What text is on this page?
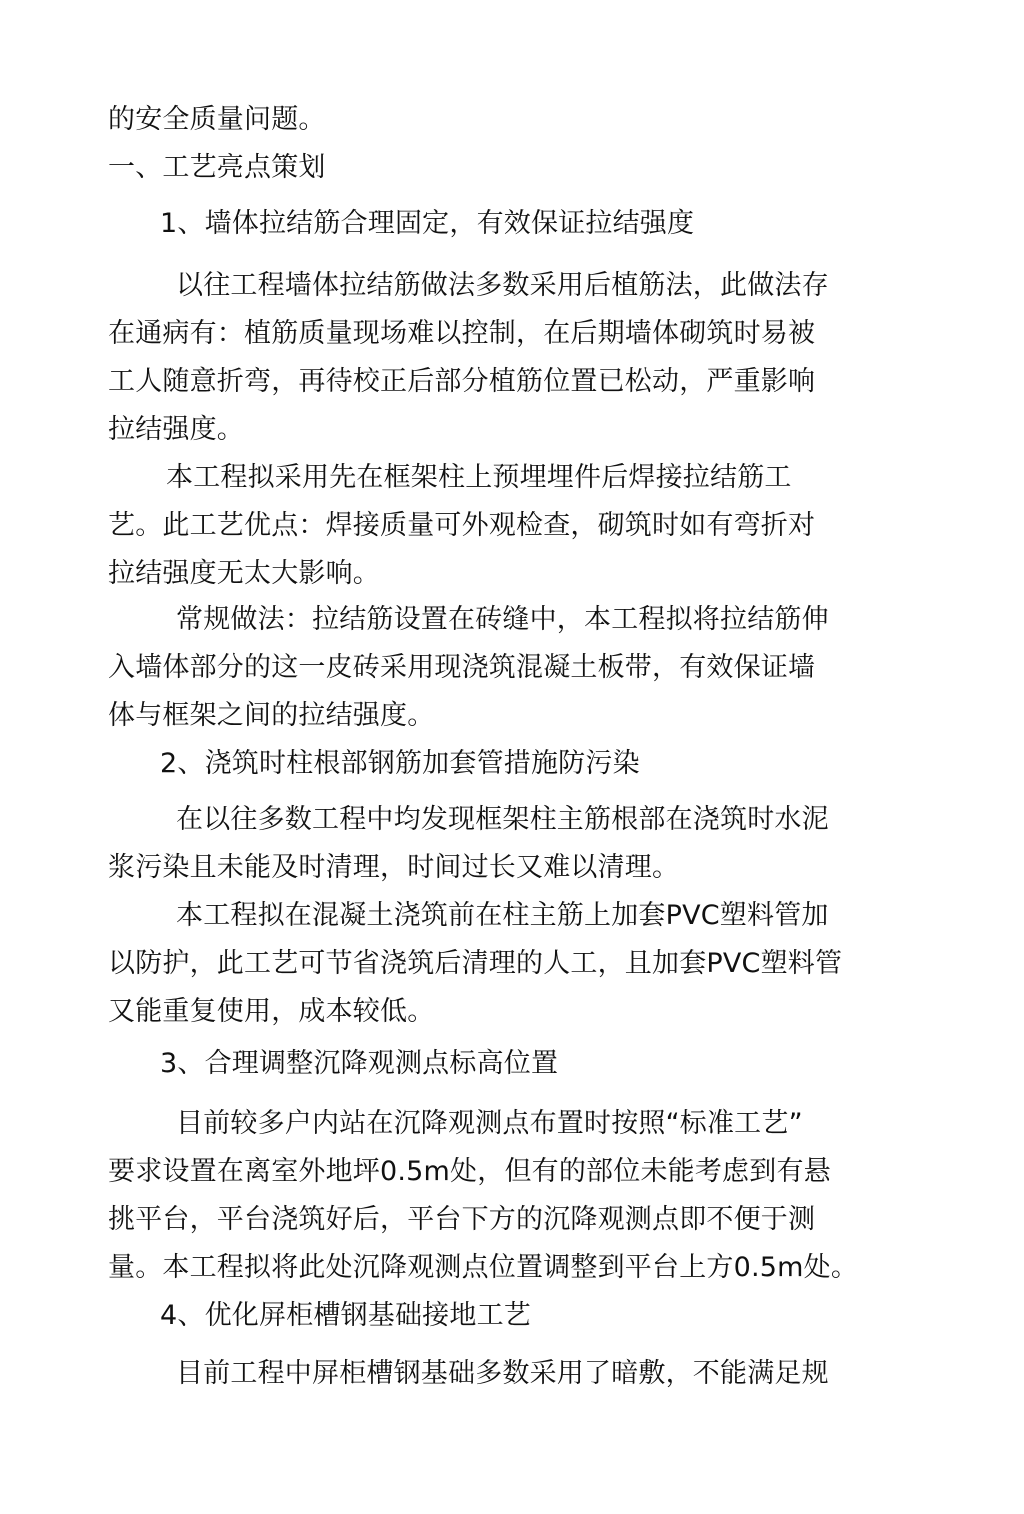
的安全质量问题。
一、工艺亮点策划
1、墙体拉结筋合理固定，有效保证拉结强度
以往工程墙体拉结筋做法多数采用后植筋法，此做法存
在通病有：植筋质量现场难以控制，在后期墙体砌筑时易被
工人随意折弯，再待校正后部分植筋位置已松动，严重影响
拉结强度。
本工程拟采用先在框架柱上预埋埋件后焊接拉结筋工
艺。此工艺优点：焊接质量可外观检查，砌筑时如有弯折对
拉结强度无太大影响。
常规做法：拉结筋设置在砖缝中，本工程拟将拉结筋伸
入墙体部分的这一皮砖采用现浇筑混凝土板带，有效保证墙
体与框架之间的拉结强度。
2、浇筑时柱根部钢筋加套管措施防污染
在以往多数工程中均发现框架柱主筋根部在浇筑时水泥
浆污染且未能及时清理，时间过长又难以清理。
本工程拟在混凝土浇筑前在柱主筋上加套PVC塑料管加
以防护，此工艺可节省浇筑后清理的人工，且加套PVC塑料管
又能重复使用，成本较低。
3、合理调整沉降观测点标高位置
目前较多户内站在沉降观测点布置时按照“标准工艺”
要求设置在离室外地坪0.5m处，但有的部位未能考虑到有悬
挑平台，平台浇筑好后，平台下方的沉降观测点即不便于测
量。本工程拟将此处沉降观测点位置调整到平台上方0.5m处。
4、优化屏柜槽钢基础接地工艺
目前工程中屏柜槽钢基础多数采用了暗敷，不能满足规
